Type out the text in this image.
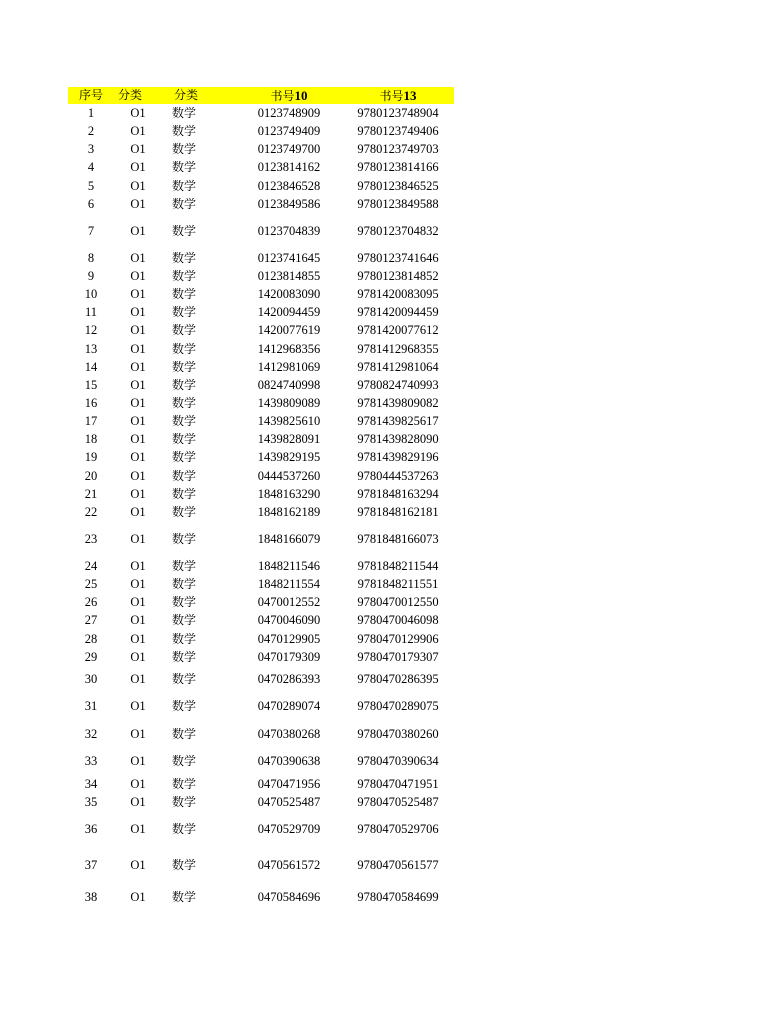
序号	分类	分类	书号10	书号13
1	O1	数学	0123748909	9780123748904
2	O1	数学	0123749409	9780123749406
3	O1	数学	0123749700	9780123749703
4	O1	数学	0123814162	9780123814166
5	O1	数学	0123846528	9780123846525
6	O1	数学	0123849586	9780123849588
7	O1	数学	0123704839	9780123704832
8	O1	数学	0123741645	9780123741646
9	O1	数学	0123814855	9780123814852
10	O1	数学	1420083090	9781420083095
11	O1	数学	1420094459	9781420094459
12	O1	数学	1420077619	9781420077612
13	O1	数学	1412968356	9781412968355
14	O1	数学	1412981069	9781412981064
15	O1	数学	0824740998	9780824740993
16	O1	数学	1439809089	9781439809082
17	O1	数学	1439825610	9781439825617
18	O1	数学	1439828091	9781439828090
19	O1	数学	1439829195	9781439829196
20	O1	数学	0444537260	9780444537263
21	O1	数学	1848163290	9781848163294
22	O1	数学	1848162189	9781848162181
23	O1	数学	1848166079	9781848166073
24	O1	数学	1848211546	9781848211544
25	O1	数学	1848211554	9781848211551
26	O1	数学	0470012552	9780470012550
27	O1	数学	0470046090	9780470046098
28	O1	数学	0470129905	9780470129906
29	O1	数学	0470179309	9780470179307
30	O1	数学	0470286393	9780470286395
31	O1	数学	0470289074	9780470289075
32	O1	数学	0470380268	9780470380260
33	O1	数学	0470390638	9780470390634
34	O1	数学	0470471956	9780470471951
35	O1	数学	0470525487	9780470525487
36	O1	数学	0470529709	9780470529706
37	O1	数学	0470561572	9780470561577
38	O1	数学	0470584696	9780470584699
